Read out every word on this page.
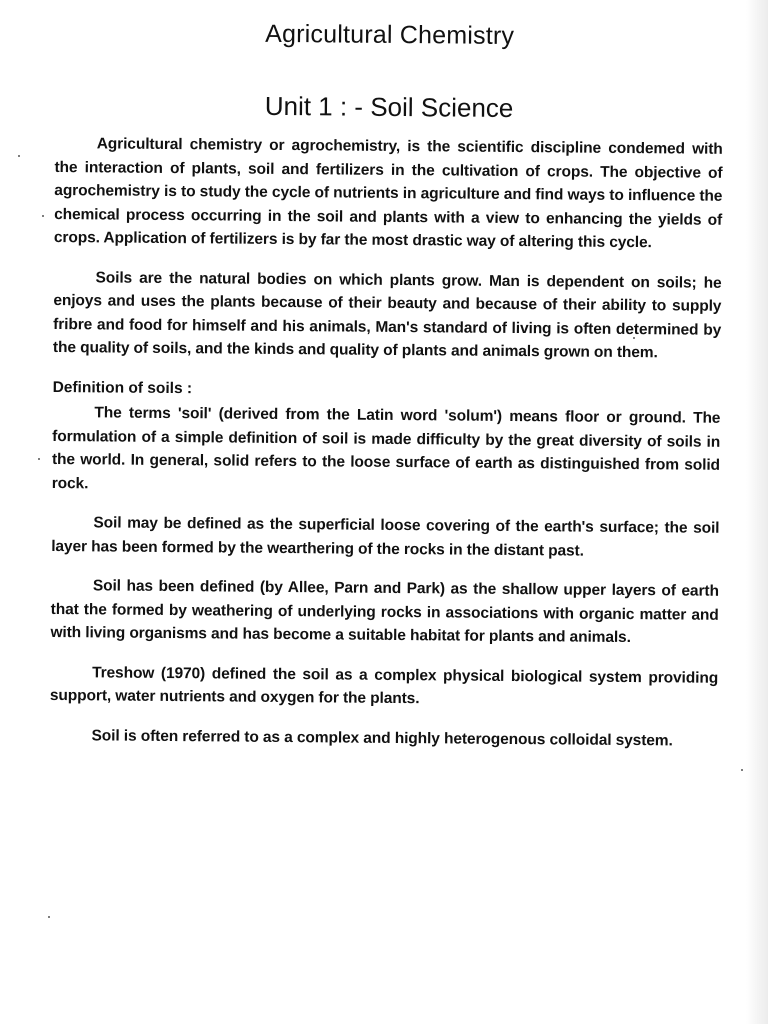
Agricultural Chemistry
Unit 1 : - Soil Science

Agricultural chemistry or agrochemistry, is the scientific discipline condemed with the interaction of plants, soil and fertilizers in the cultivation of crops. The objective of agrochemistry is to study the cycle of nutrients in agriculture and find ways to influence the chemical process occurring in the soil and plants with a view to enhancing the yields of crops. Application of fertilizers is by far the most drastic way of altering this cycle.

Soils are the natural bodies on which plants grow. Man is dependent on soils; he enjoys and uses the plants because of their beauty and because of their ability to supply fribre and food for himself and his animals, Man's standard of living is often determined by the quality of soils, and the kinds and quality of plants and animals grown on them.

Definition of soils :

The terms 'soil' (derived from the Latin word 'solum') means floor or ground. The formulation of a simple definition of soil is made difficulty by the great diversity of soils in the world. In general, solid refers to the loose surface of earth as distinguished from solid rock.

Soil may be defined as the superficial loose covering of the earth's surface; the soil layer has been formed by the wearthering of the rocks in the distant past.

Soil has been defined (by Allee, Parn and Park) as the shallow upper layers of earth that the formed by weathering of underlying rocks in associations with organic matter and with living organisms and has become a suitable habitat for plants and animals.

Treshow (1970) defined the soil as a complex physical biological system providing support, water nutrients and oxygen for the plants.

Soil is often referred to as a complex and highly heterogenous colloidal system.
